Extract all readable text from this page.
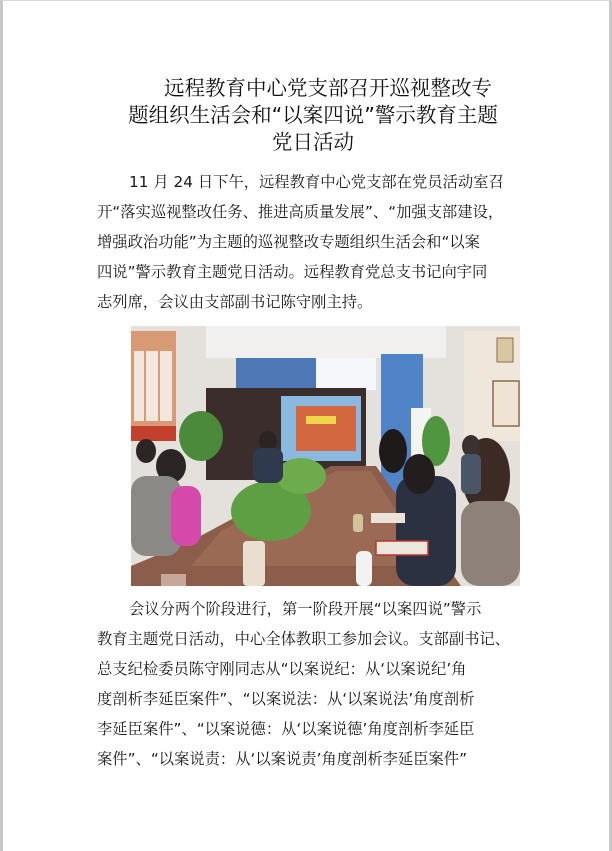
远程教育中心党支部召开巡视整改专
题组织生活会和“以案四说”警示教育主题
党日活动
11 月 24 日下午，远程教育中心党支部在党员活动室召
开“落实巡视整改任务、推进高质量发展”、“加强支部建设，
增强政治功能”为主题的巡视整改专题组织生活会和“以案
四说”警示教育主题党日活动。远程教育党总支书记向宇同
志列席，会议由支部副书记陈守刚主持。
会议分两个阶段进行，第一阶段开展“以案四说”警示
教育主题党日活动，中心全体教职工参加会议。支部副书记、
总支纪检委员陈守刚同志从“以案说纪：从‘以案说纪’角
度剖析李延臣案件”、“以案说法：从‘以案说法’角度剖析
李延臣案件”、“以案说德：从‘以案说德’角度剖析李延臣
案件”、“以案说责：从‘以案说责’角度剖析李延臣案件”
